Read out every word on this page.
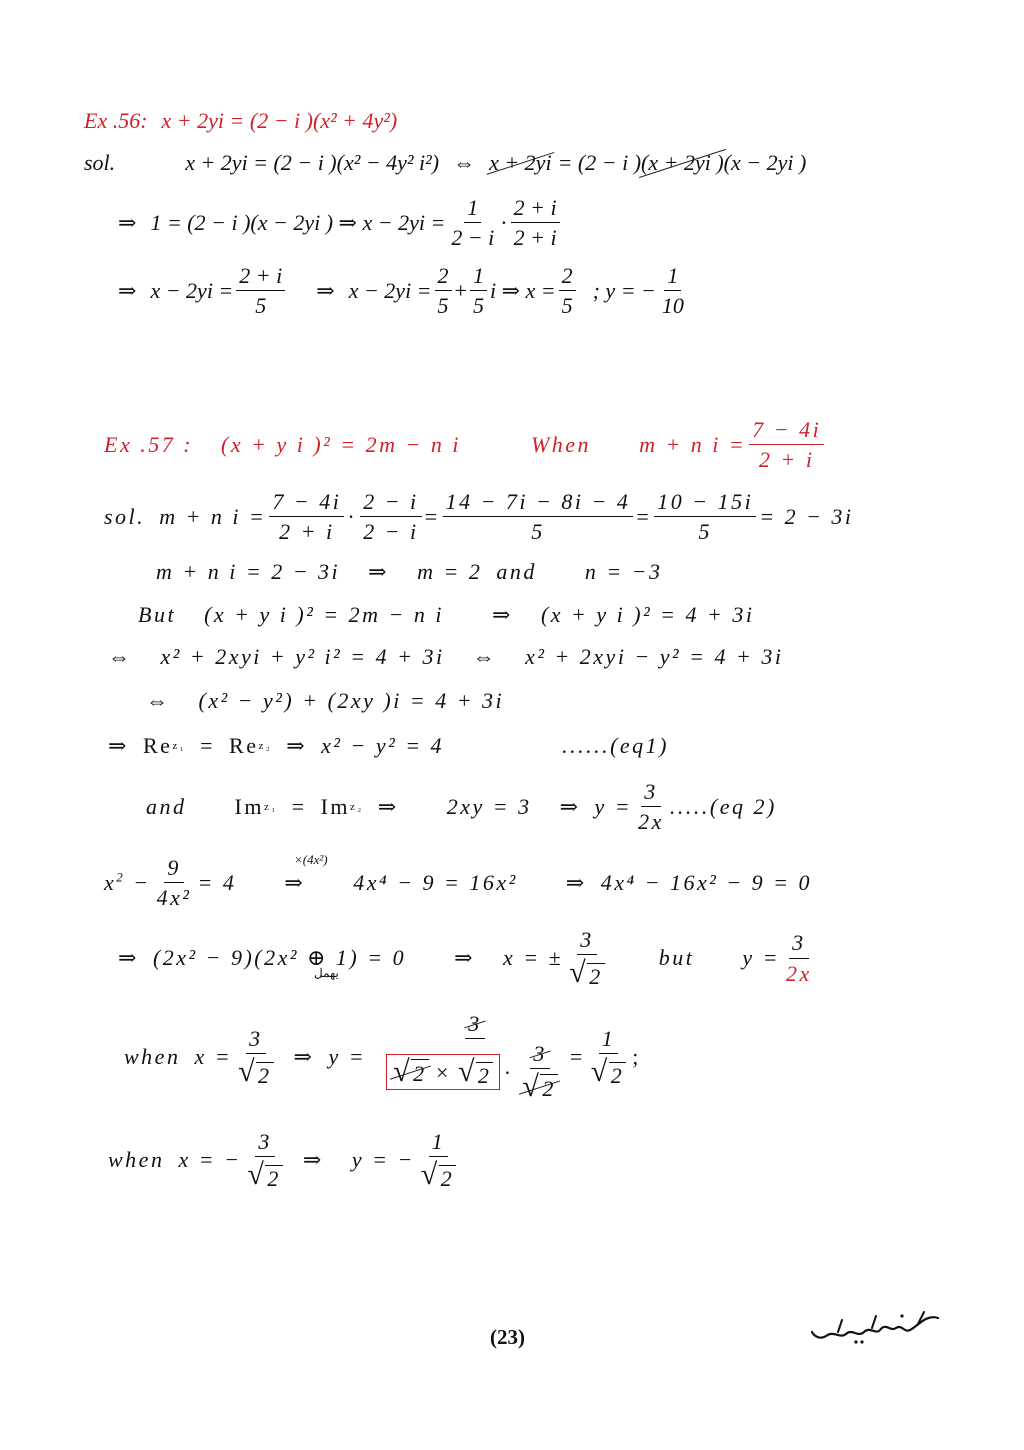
Ex .56: x + 2yi = (2 − i )(x² + 4y²)
sol.	x + 2yi = (2 − i )(x² − 4y² i²) ⇔ x + 2yi = (2 − i ) (x + 2yi ) (x − 2yi )
⇒ 1 = (2 − i )(x − 2yi ) ⇒ $x - 2yi = \frac{1}{2 - i} \cdot \frac{2 + i}{2 + i}$
⇒ $x - 2yi = \frac{2 + i}{5}$ ⇒ $x - 2yi = \frac{2}{5} + \frac{1}{5}$ i ⇒ $x = \frac{2}{5}$ ; y = − $\frac{1}{10}$
Ex .57 : (x + y i )² = 2m − n i	When m + n $i = \frac{7 - 4i}{2 + i}$
sol. m + n $i = \frac{7 - 4i}{2 + i} \cdot \frac{2 - i}{2 - i} = \frac{14 - 7i - 8i - 4}{5} = \frac{10 - 15i}{5} = 2 - 3i$
m + n i = 2 − 3i ⇒ m = 2 and n = −3
But (x + y i )² = 2m − n i ⇒ (x + y i )² = 4 + 3i
⇔ x² + 2xyi + y² i² = 4 + 3i ⇔ x² + 2xyi − y² = 4 + 3i
⇔ (x² − y²) + (2xy )i = 4 + 3i
⇒ Re z₁ = Re z₂ ⇒ x² − y² = 4	......(eq1)
and Im z₁ = Im z₂ ⇒ 2xy = 3 ⇒ $y = \frac{3}{2x} .....(eq$ 2)
×(4x²)
$x^2 - \frac{9}{\text{4x²}} = 4$ ⇒ 4x⁴ − 9 = 16x² ⇒ 4x⁴ − 16x² − 9 = 0
⇒ (2x² − 9)(2x² ⊕ 1) = 0 ⇒ x = ± $\frac{3}{√ 2}$ but $y = \frac{3}{2x}$
يهمل
when $x = \frac{3}{√ 2}$ ⇒ y =
3
√2 × √ $2 \cdot \frac{3}{√2} = \frac{1}{√ 2}$ ;
when x = − $\frac{3}{√ 2}$ ⇒ y = − $\frac{1}{√ 2}$
(23)
